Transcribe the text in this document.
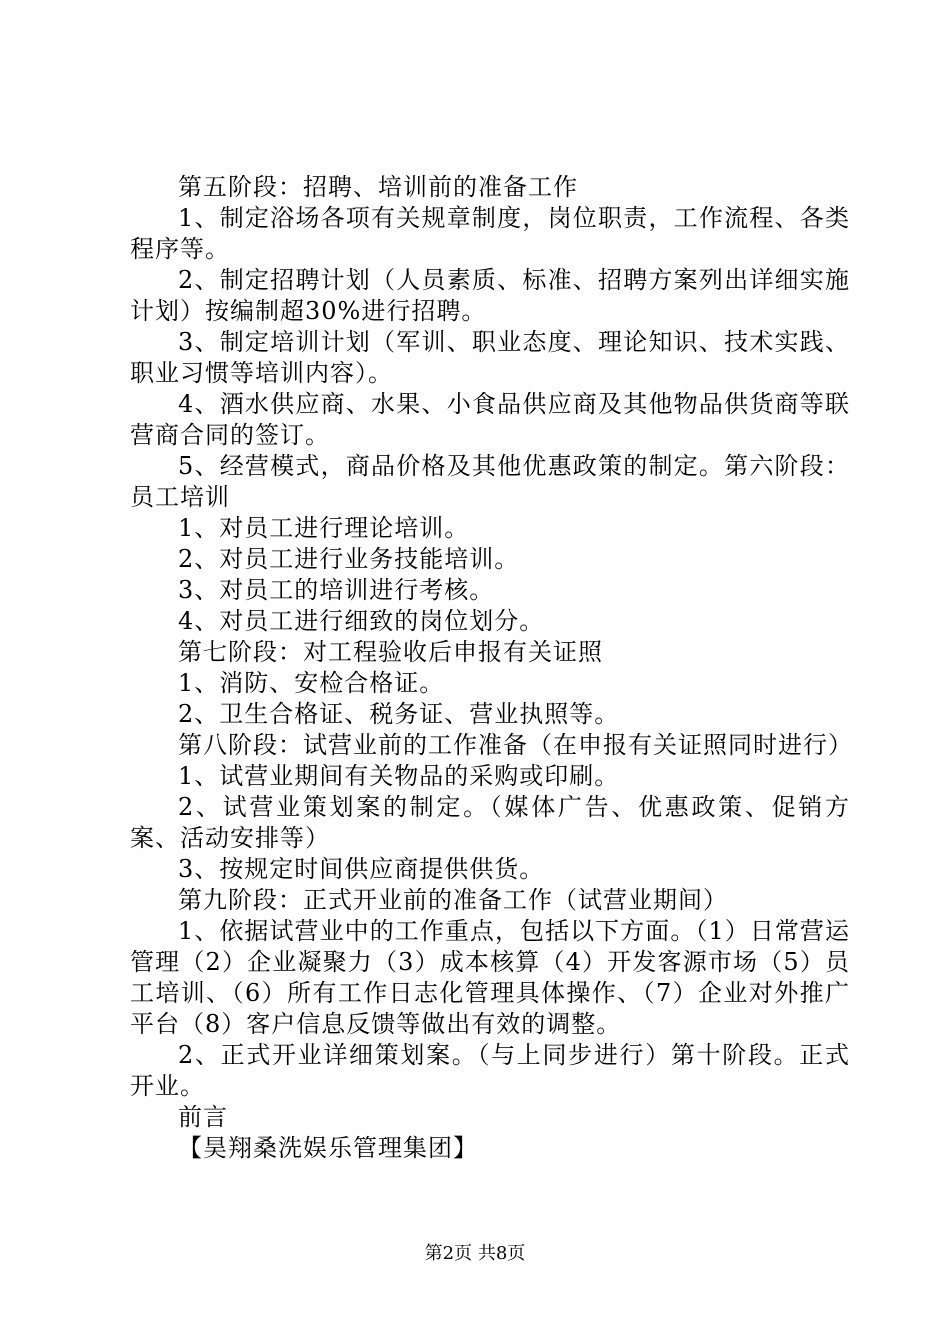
第五阶段：招聘、培训前的准备工作

1、制定浴场各项有关规章制度，岗位职责，工作流程、各类程序等。

2、制定招聘计划（人员素质、标准、招聘方案列出详细实施计划）按编制超30%进行招聘。

3、制定培训计划（军训、职业态度、理论知识、技术实践、职业习惯等培训内容）。

4、酒水供应商、水果、小食品供应商及其他物品供货商等联营商合同的签订。

5、经营模式，商品价格及其他优惠政策的制定。第六阶段：员工培训

1、对员工进行理论培训。

2、对员工进行业务技能培训。

3、对员工的培训进行考核。

4、对员工进行细致的岗位划分。

第七阶段：对工程验收后申报有关证照

1、消防、安检合格证。

2、卫生合格证、税务证、营业执照等。

第八阶段：试营业前的工作准备（在申报有关证照同时进行）

1、试营业期间有关物品的采购或印刷。

2、试营业策划案的制定。（媒体广告、优惠政策、促销方案、活动安排等）

3、按规定时间供应商提供供货。

第九阶段：正式开业前的准备工作（试营业期间）

1、依据试营业中的工作重点，包括以下方面。（1）日常营运管理（2）企业凝聚力（3）成本核算（4）开发客源市场（5）员工培训、（6）所有工作日志化管理具体操作、（7）企业对外推广平台（8）客户信息反馈等做出有效的调整。

2、正式开业详细策划案。（与上同步进行）第十阶段。正式开业。

前言

【昊翔桑洗娱乐管理集团】

第2页 共8页
